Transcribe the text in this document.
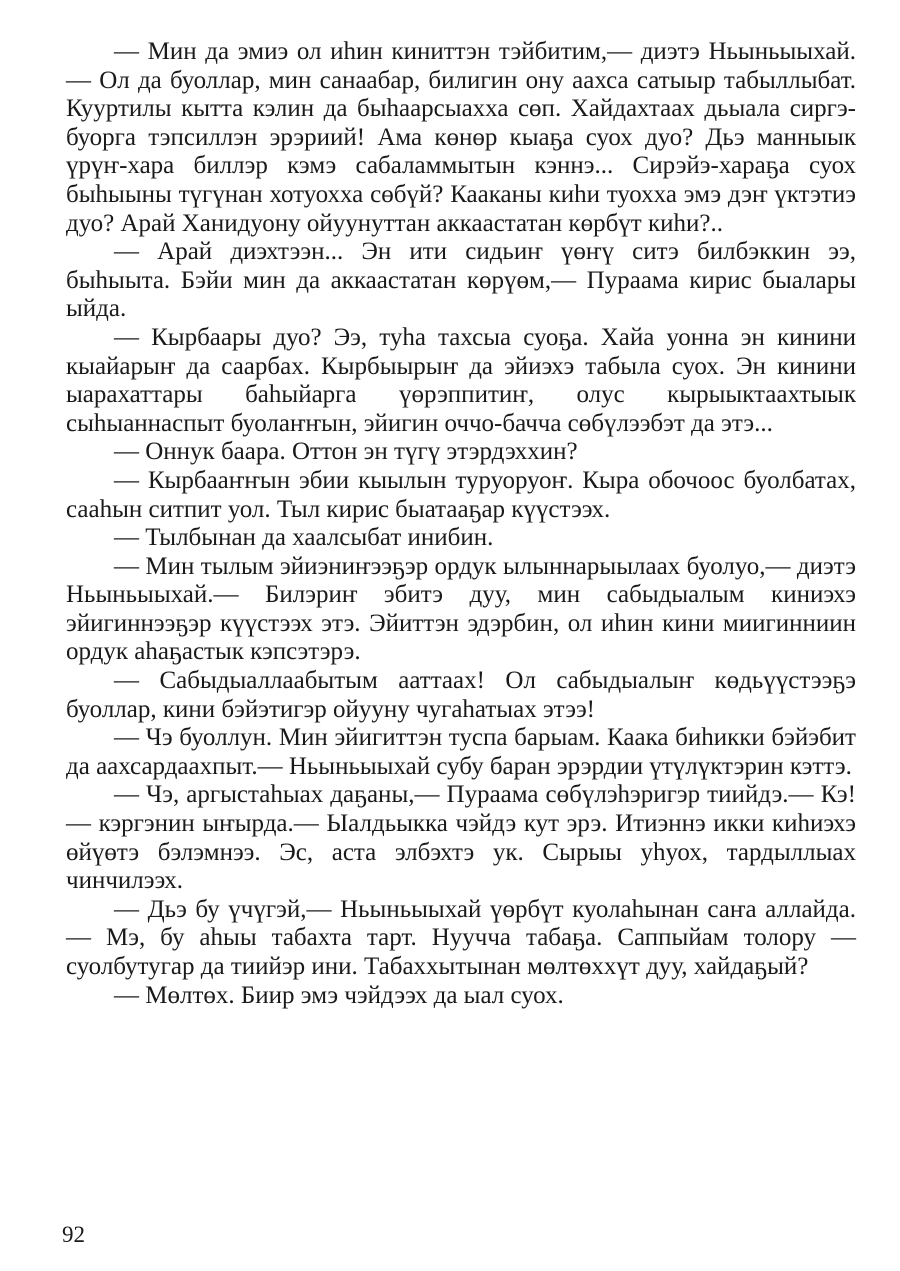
— Мин да эмиэ ол иһин киниттэн тэйбитим,— диэтэ Ньыньыыхай.— Ол да буоллар, мин санаабар, билигин ону аахса сатыыр табыллыбат. Кууртилы кытта кэлин да быһаарсыахха сөп. Хайдахтаах дьыала сиргэ-буорга тэпсиллэн эрэриий! Ама көнөр кыаҕа суох дуо? Дьэ манныык үрүҥ-хара биллэр кэмэ сабаламмытын кэннэ... Сирэйэ-хараҕа суох быһыыны түгүнан хотуохха сөбүй? Кааканы киһи туохха эмэ дэҥ үктэтиэ дуо? Арай Ханидуону ойуунуттан аккаастатан көрбүт киһи?..

— Арай диэхтээн... Эн ити сидьиҥ үөҥү ситэ билбэккин ээ, быһыыта. Бэйи мин да аккаастатан көрүөм,— Пураама кирис быалары ыйда.

— Кырбаары дуо? Ээ, туһа тахсыа суоҕа. Хайа уонна эн кинини кыайарыҥ да саарбах. Кырбыырыҥ да эйиэхэ табыла суох. Эн кинини ыарахаттары баһыйарга үөрэппитиҥ, олус кырыыктаахтыык сыһыаннаспыт буолаҥҥын, эйигин оччо-баччa сөбүлээбэт да этэ...

— Оннук баара. Оттон эн түгү этэрдэххин?

— Кырбааҥҥын эбии кыылын туруоруоҥ. Кыра обочоос буолбатах, сааһын ситпит уол. Тыл кирис быатааҕар күүстээх.

— Тылбынан да хаалсыбат инибин.

— Мин тылым эйиэниҥээҕэр ордук ылыннарыылаах буолуо,— диэтэ Ньыньыыхай.— Билэриҥ эбитэ дуу, мин сабыдыалым киниэхэ эйигиннээҕэр күүстээх этэ. Эйиттэн эдэрбин, ол иһин кини миигинниин ордук аһаҕастык кэпсэтэрэ.

— Сабыдыаллаабытым ааттаах! Ол сабыдыалыҥ көдьүүстээҕэ буоллар, кини бэйэтигэр ойууну чугаһатыах этээ!

— Чэ буоллун. Мин эйигиттэн туспа барыам. Каака биһикки бэйэбит да аахсардаахпыт.— Ньыньыыхай субу баран эрэрдии үтүлүктэрин кэттэ.

— Чэ, аргыстаһыах даҕаны,— Пураама сөбүлэһэригэр тиийдэ.— Кэ! — кэргэнин ыҥырда.— Ыалдьыкка чэйдэ кут эрэ. Итиэннэ икки киһиэхэ өйүөтэ бэлэмнээ. Эс, аста элбэхтэ ук. Сырыы уһуох, тардыллыах чинчилээх.

— Дьэ бу үчүгэй,— Ньыньыыхай үөрбүт куолаһынан саҥа аллайда.— Мэ, бу аһыы табахта тарт. Нууччa табаҕа. Саппыйам толору — суолбутугар да тиийэр ини. Табаххытынан мөлтөххүт дуу, хайдаҕый?

— Мөлтөх. Биир эмэ чэйдээх да ыал суох.

92
